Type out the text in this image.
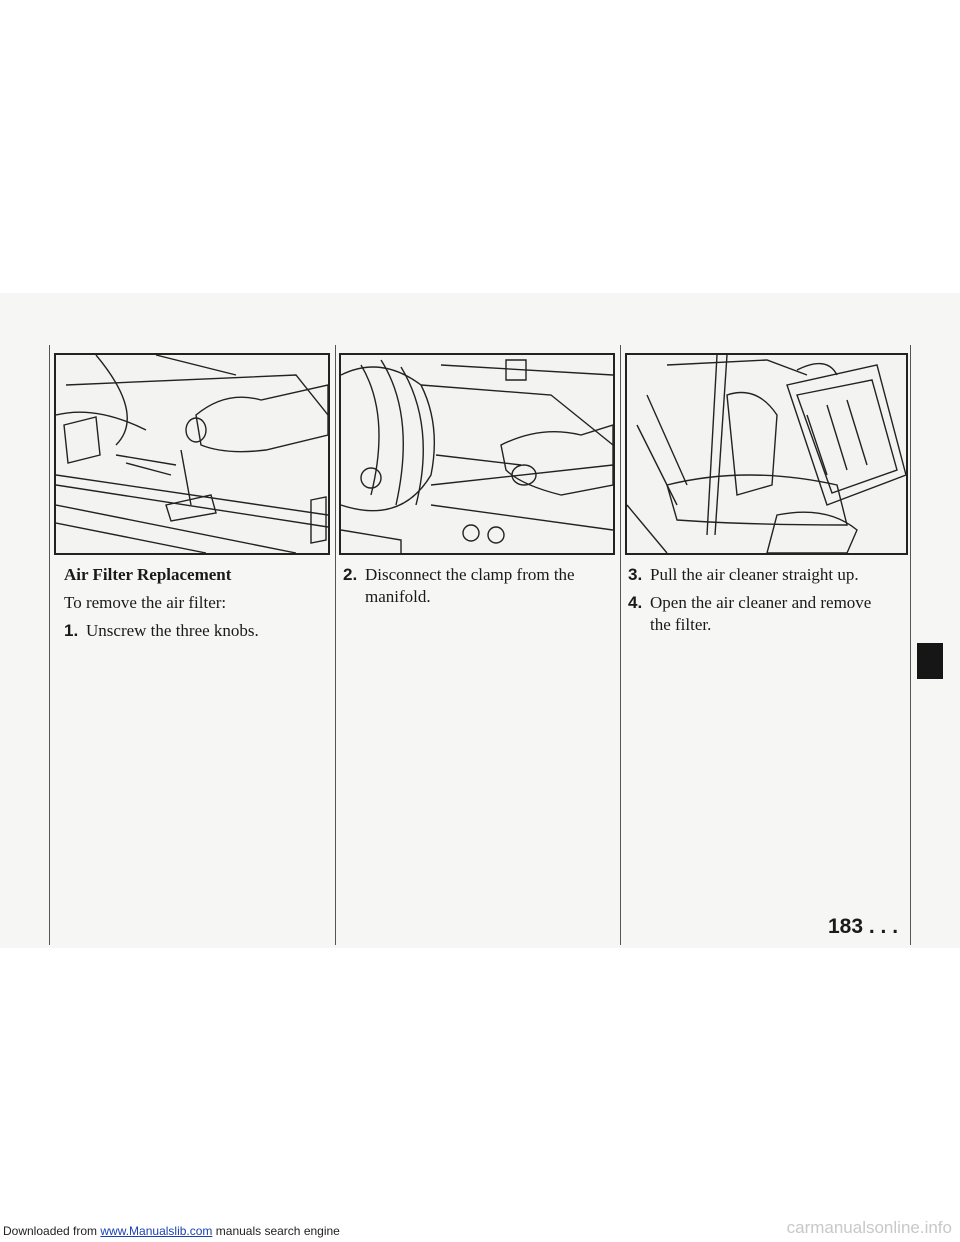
Air Filter Replacement
To remove the air filter:
1. Unscrew the three knobs.
2. Disconnect the clamp from the manifold.
3. Pull the air cleaner straight up.
4. Open the air cleaner and remove the filter.
183 . . .
Downloaded from www.Manualslib.com manuals search engine	carmanualsonline.info
